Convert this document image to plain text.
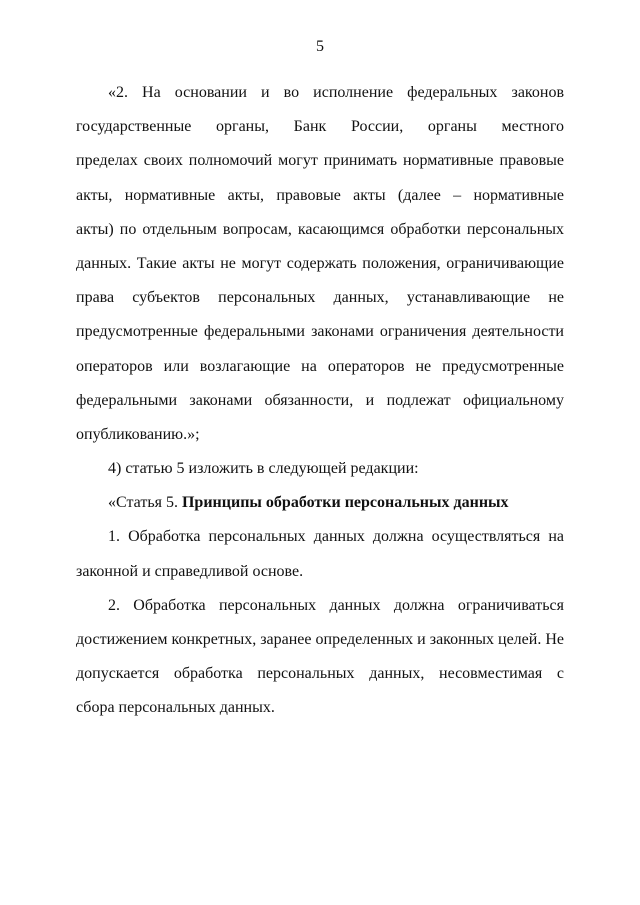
5
«2. На основании и во исполнение федеральных законов
государственные органы, Банк России, органы местного
пределах своих полномочий могут принимать нормативные правовые
акты, нормативные акты, правовые акты (далее – нормативные
акты) по отдельным вопросам, касающимся обработки персональных
данных. Такие акты не могут содержать положения, ограничивающие
права субъектов персональных данных, устанавливающие не
предусмотренные федеральными законами ограничения деятельности
операторов или возлагающие на операторов не предусмотренные
федеральными законами обязанности, и подлежат официальному
опубликованию.»;
4) статью 5 изложить в следующей редакции:
«Статья 5. Принципы обработки персональных данных
1. Обработка персональных данных должна осуществляться на
законной и справедливой основе.
2. Обработка персональных данных должна ограничиваться
достижением конкретных, заранее определенных и законных целей. Не
допускается обработка персональных данных, несовместимая с
сбора персональных данных.
